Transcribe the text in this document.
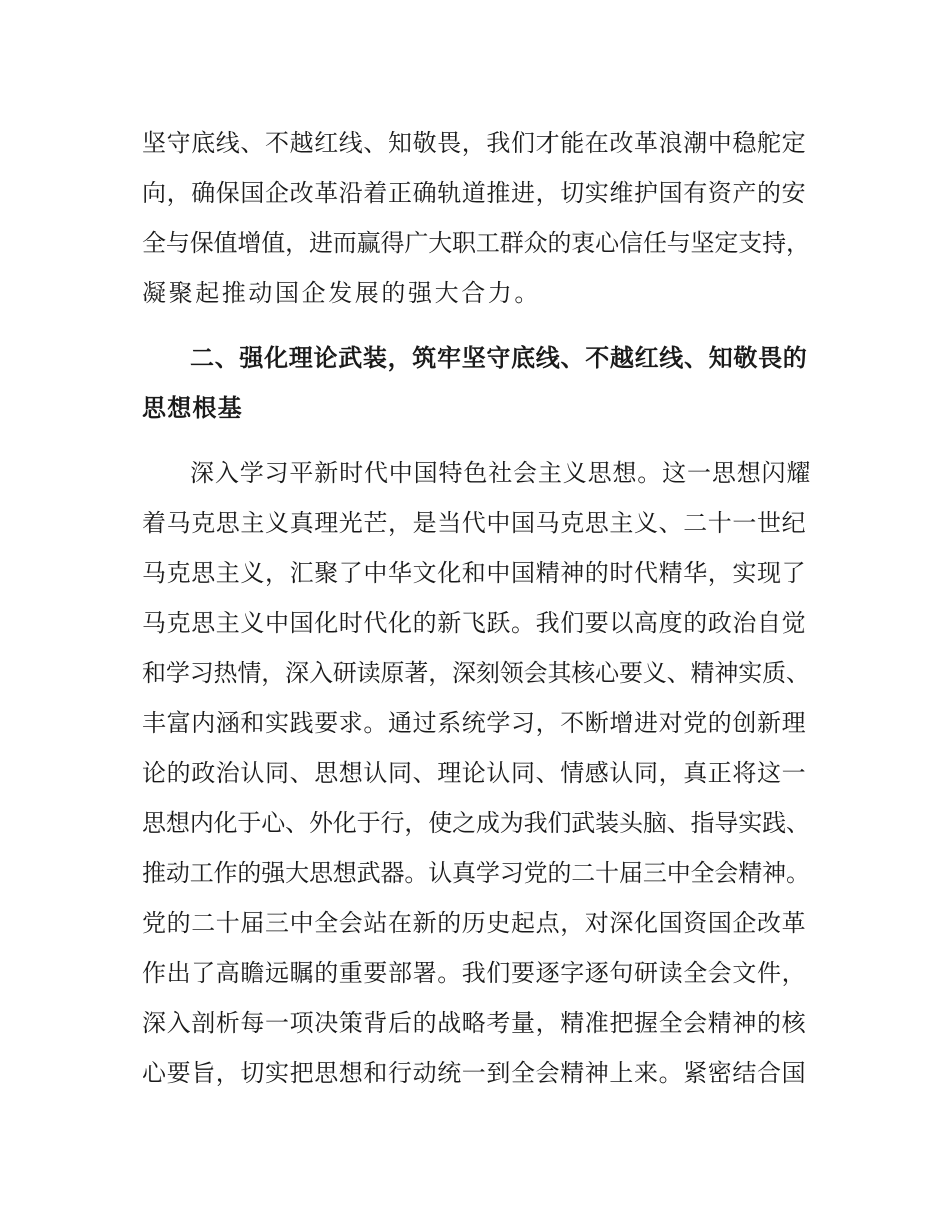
坚守底线、不越红线、知敬畏，我们才能在改革浪潮中稳舵定
向，确保国企改革沿着正确轨道推进，切实维护国有资产的安
全与保值增值，进而赢得广大职工群众的衷心信任与坚定支持，
凝聚起推动国企发展的强大合力。
二、强化理论武装，筑牢坚守底线、不越红线、知敬畏的
思想根基
深入学习平新时代中国特色社会主义思想。这一思想闪耀
着马克思主义真理光芒，是当代中国马克思主义、二十一世纪
马克思主义，汇聚了中华文化和中国精神的时代精华，实现了
马克思主义中国化时代化的新飞跃。我们要以高度的政治自觉
和学习热情，深入研读原著，深刻领会其核心要义、精神实质、
丰富内涵和实践要求。通过系统学习，不断增进对党的创新理
论的政治认同、思想认同、理论认同、情感认同，真正将这一
思想内化于心、外化于行，使之成为我们武装头脑、指导实践、
推动工作的强大思想武器。认真学习党的二十届三中全会精神。
党的二十届三中全会站在新的历史起点，对深化国资国企改革
作出了高瞻远瞩的重要部署。我们要逐字逐句研读全会文件，
深入剖析每一项决策背后的战略考量，精准把握全会精神的核
心要旨，切实把思想和行动统一到全会精神上来。紧密结合国
